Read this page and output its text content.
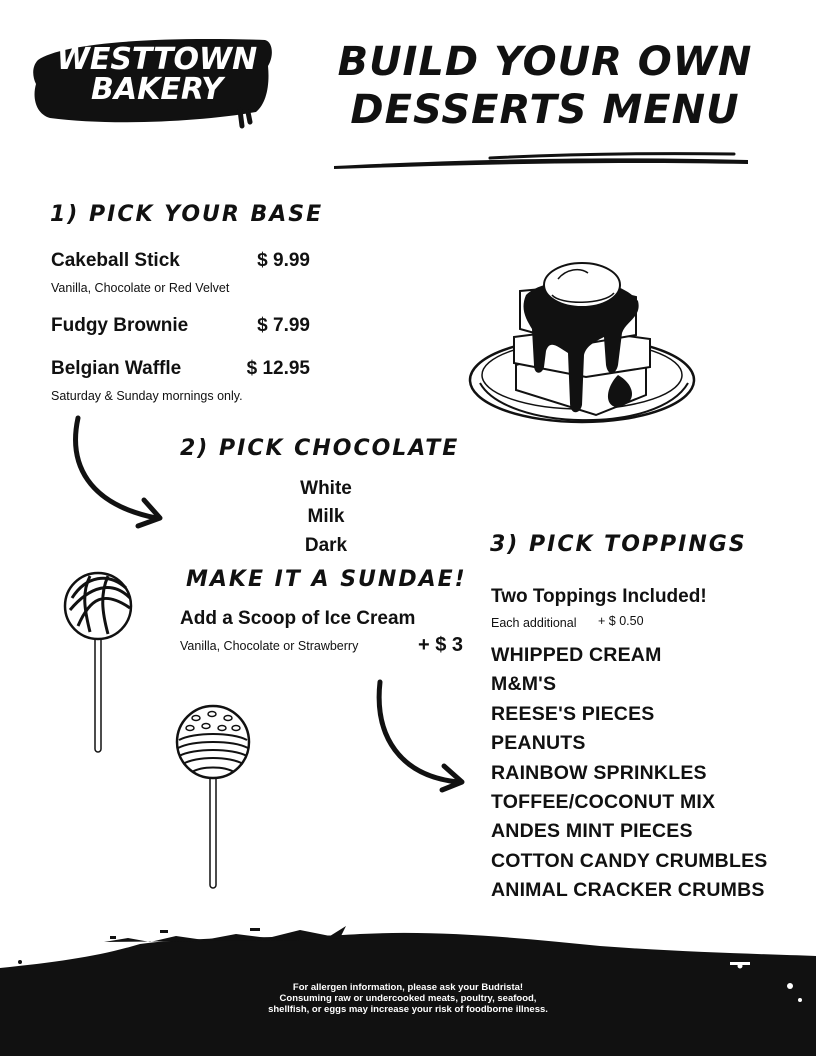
WESTTOWN
BAKERY
BUILD YOUR OWN
DESSERTS MENU
1) PICK YOUR BASE
Cakeball Stick	$ 9.99
Vanilla, Chocolate or Red Velvet
Fudgy Brownie	$ 7.99
Belgian Waffle	$ 12.95
Saturday & Sunday mornings only.
2) PICK CHOCOLATE
White
Milk
Dark
MAKE IT A SUNDAE!
Add a Scoop of Ice Cream
Vanilla, Chocolate or Strawberry	+ $ 3
3) PICK TOPPINGS
Two Toppings Included!
Each additional + $ 0.50
WHIPPED CREAM
M&M'S
REESE'S PIECES
PEANUTS
RAINBOW SPRINKLES
TOFFEE/COCONUT MIX
ANDES MINT PIECES
COTTON CANDY CRUMBLES
ANIMAL CRACKER CRUMBS
For allergen information, please ask your Budrista!
Consuming raw or undercooked meats, poultry, seafood,
shellfish, or eggs may increase your risk of foodborne illness.
